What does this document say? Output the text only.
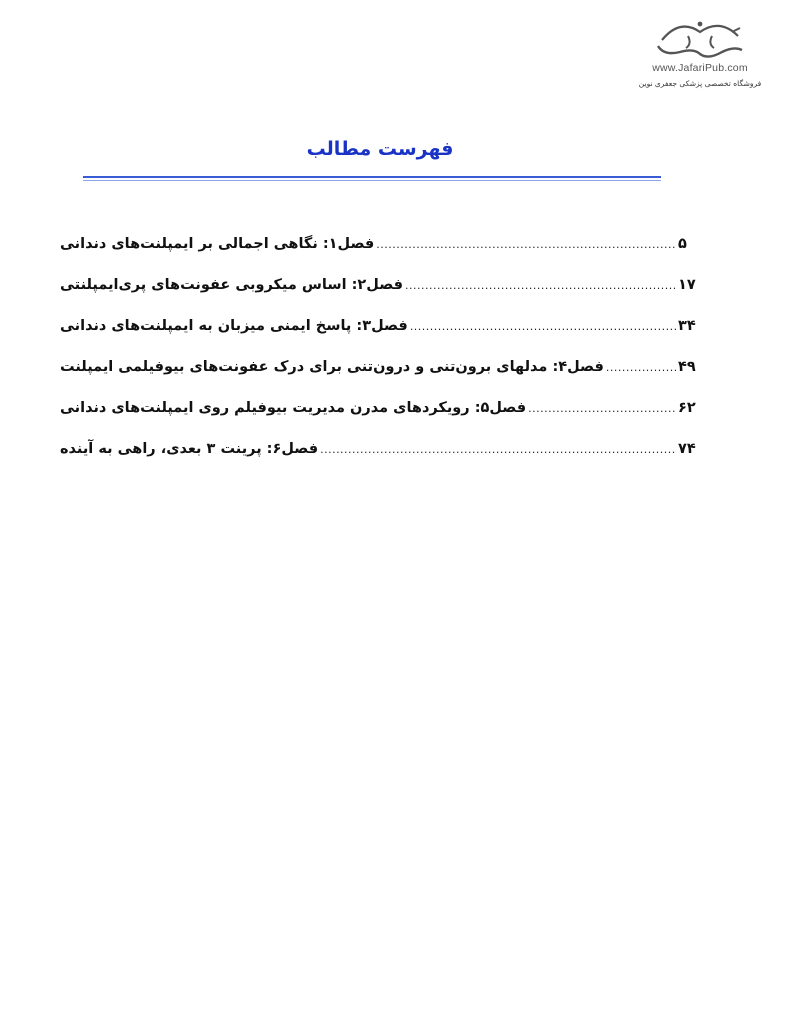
www.JafariPub.com
فروشگاه تخصصی پزشکی جعفری نوین
فهرست مطالب
فصل۱: نگاهی اجمالی بر ایمپلنت‌های دندانی .....	۵
فصل۲: اساس میکروبی عفونت‌های پری‌ایمپلنتی .....	۱۷
فصل۳: پاسخ ایمنی میزبان به ایمپلنت‌های دندانی .....	۳۴
فصل۴: مدلهای برون‌تنی و درون‌تنی برای درک عفونت‌های بیوفیلمی ایمپلنت .....	۴۹
فصل۵: رویکردهای مدرن مدیریت بیوفیلم روی ایمپلنت‌های دندانی .....	۶۲
فصل۶: پرینت ۳ بعدی، راهی به آینده .....	۷۴
